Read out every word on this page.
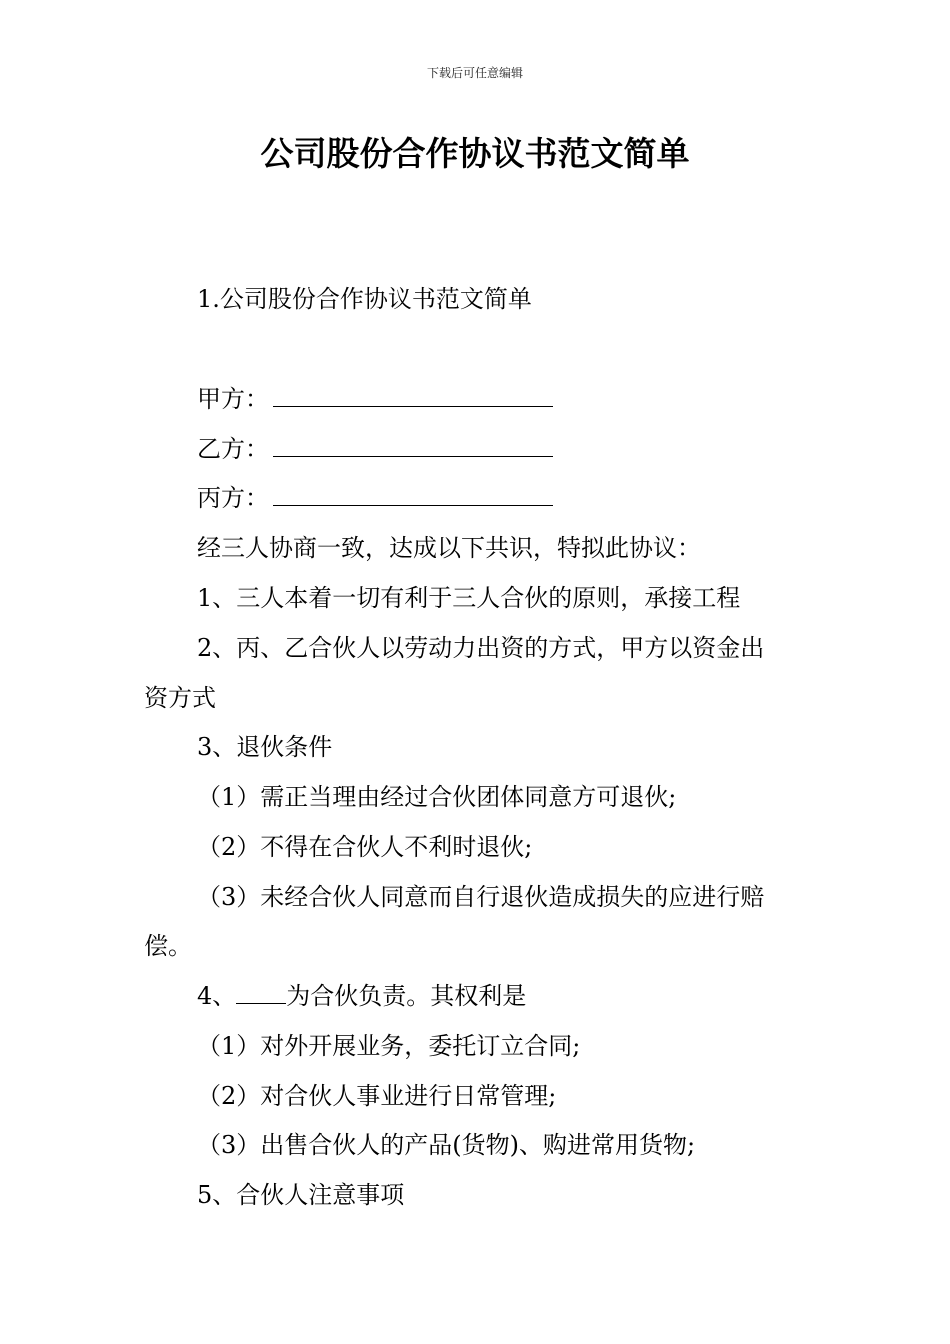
下载后可任意编辑
公司股份合作协议书范文简单
1.公司股份合作协议书范文简单
甲方：
乙方：
丙方：
经三人协商一致，达成以下共识，特拟此协议：
1、三人本着一切有利于三人合伙的原则，承接工程
2、丙、乙合伙人以劳动力出资的方式，甲方以资金出
资方式
3、退伙条件
（1）需正当理由经过合伙团体同意方可退伙;
（2）不得在合伙人不利时退伙;
（3）未经合伙人同意而自行退伙造成损失的应进行赔
偿。
4、 为合伙负责。其权利是
（1）对外开展业务，委托订立合同;
（2）对合伙人事业进行日常管理;
（3）出售合伙人的产品(货物)、购进常用货物;
5、合伙人注意事项
